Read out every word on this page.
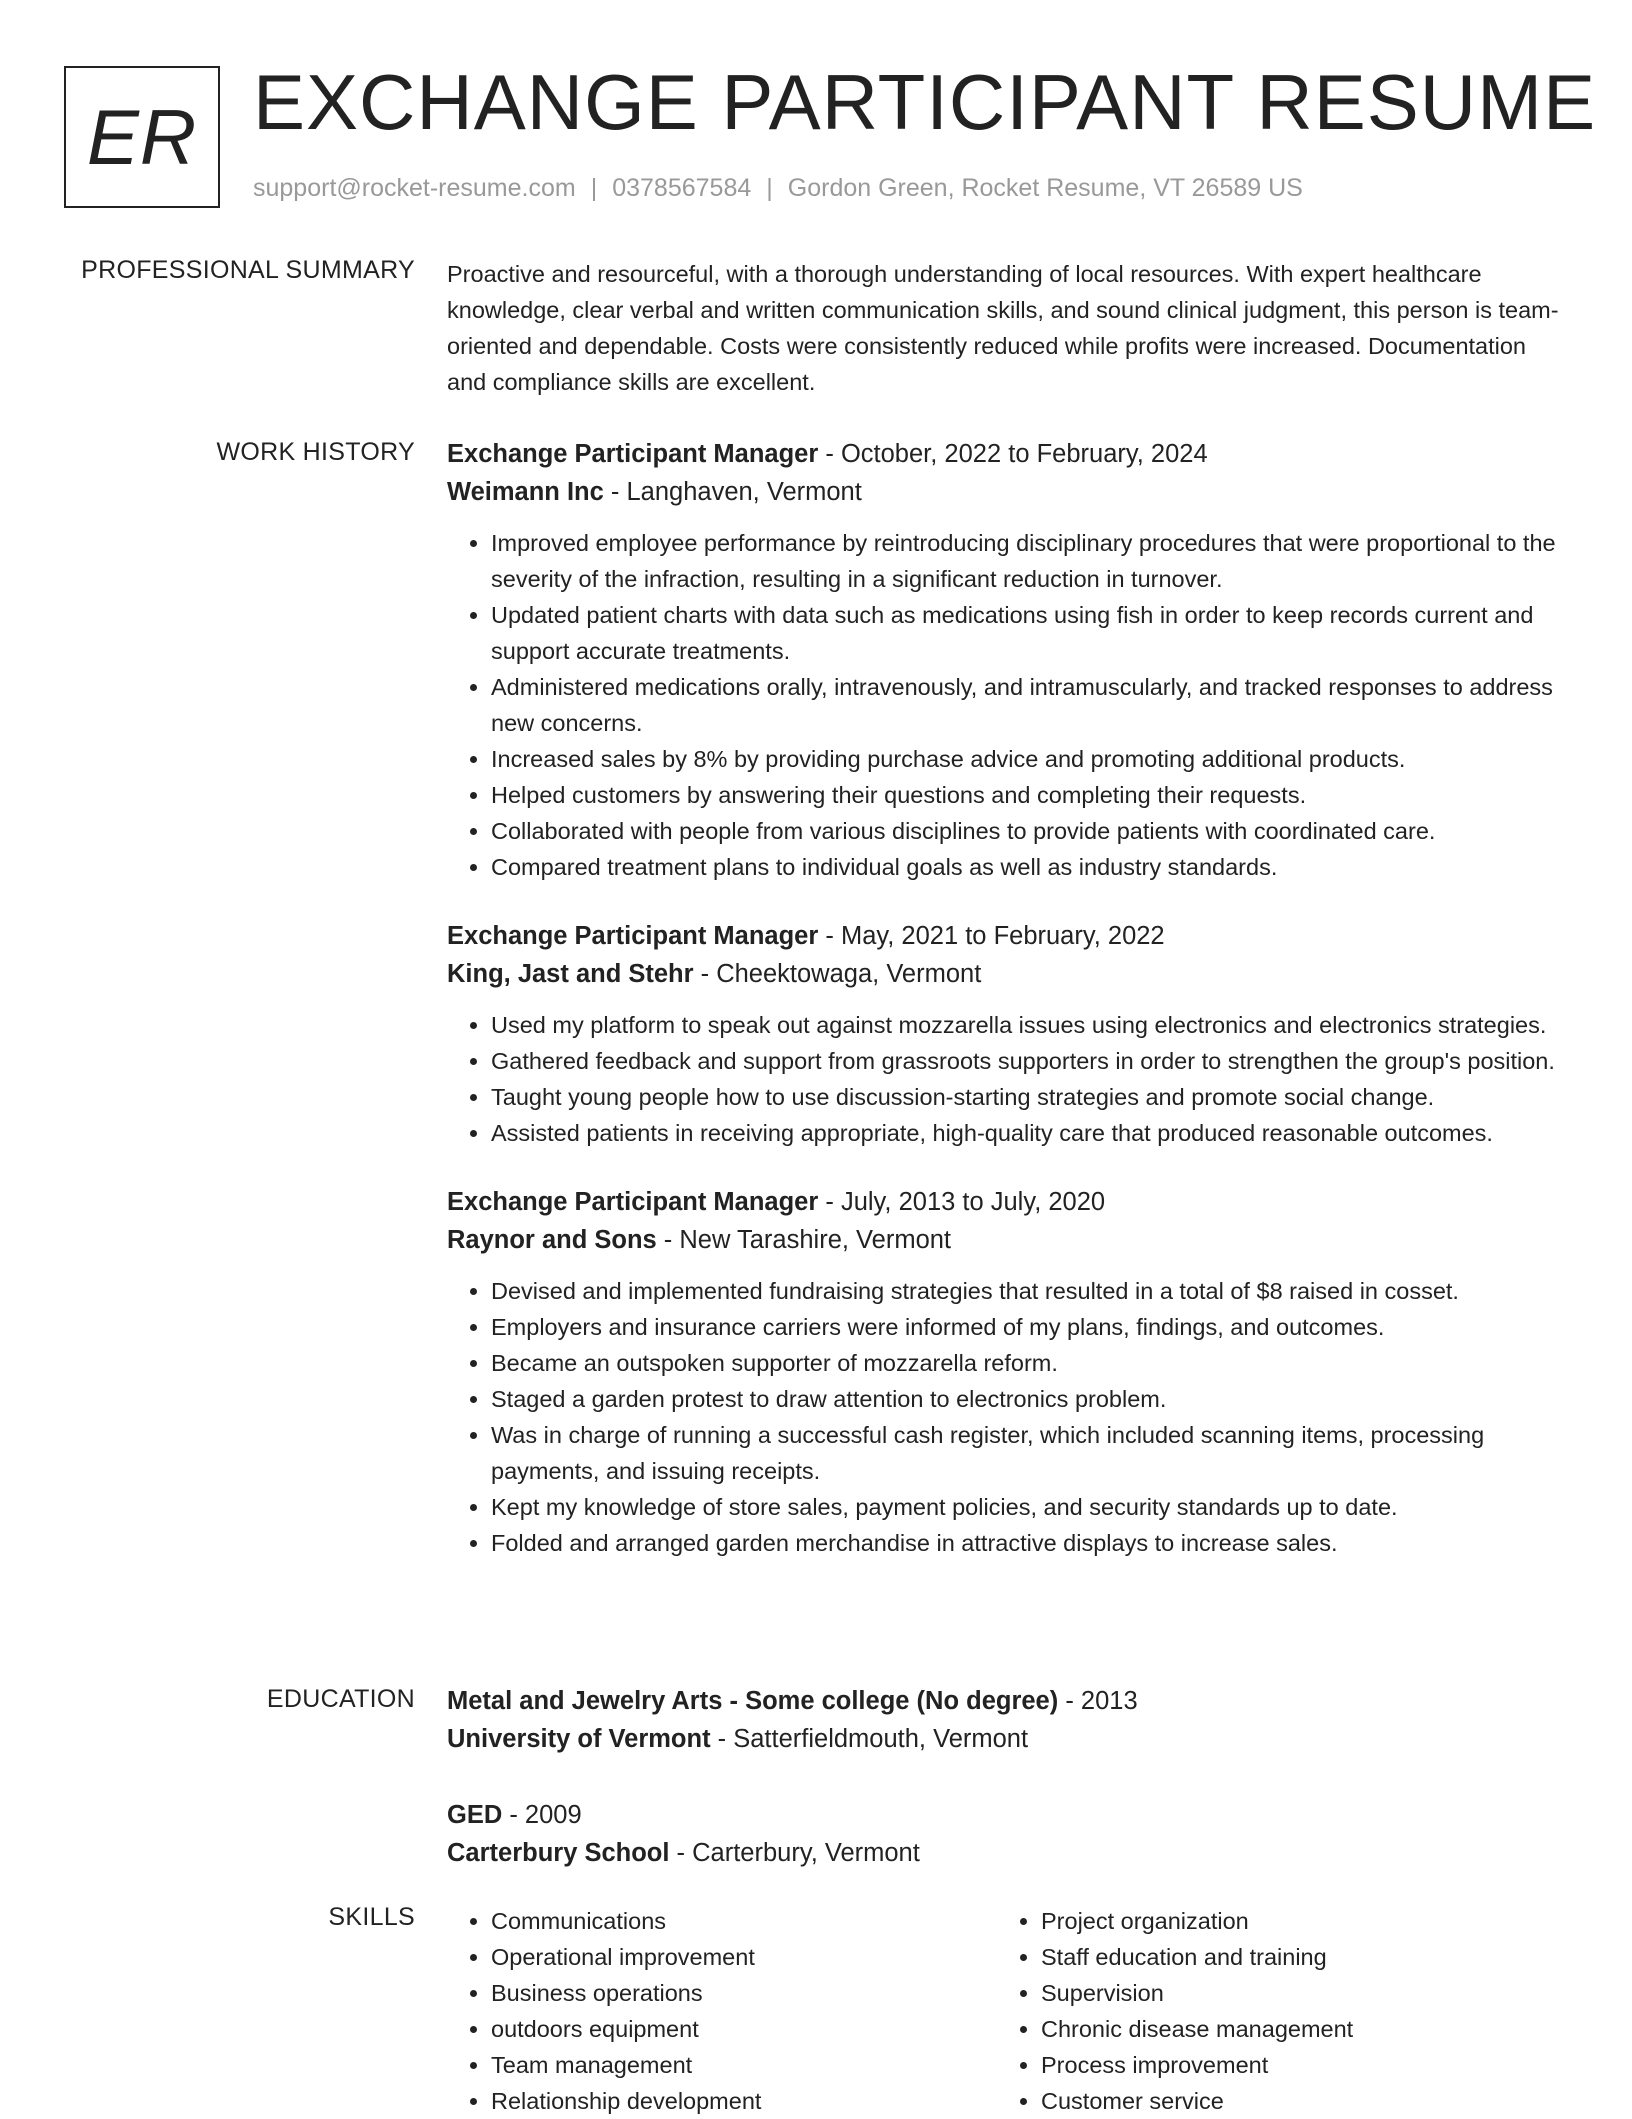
ER EXCHANGE PARTICIPANT RESUME
support@rocket-resume.com | 0378567584 | Gordon Green, Rocket Resume, VT 26589 US
PROFESSIONAL SUMMARY Proactive and resourceful, with a thorough understanding of local resources. With expert healthcare knowledge, clear verbal and written communication skills, and sound clinical judgment, this person is team-oriented and dependable. Costs were consistently reduced while profits were increased. Documentation and compliance skills are excellent.

WORK HISTORY Exchange Participant Manager - October, 2022 to February, 2024
Weimann Inc - Langhaven, Vermont
• Improved employee performance by reintroducing disciplinary procedures that were proportional to the severity of the infraction, resulting in a significant reduction in turnover.
• Updated patient charts with data such as medications using fish in order to keep records current and support accurate treatments.
• Administered medications orally, intravenously, and intramuscularly, and tracked responses to address new concerns.
• Increased sales by 8% by providing purchase advice and promoting additional products.
• Helped customers by answering their questions and completing their requests.
• Collaborated with people from various disciplines to provide patients with coordinated care.
• Compared treatment plans to individual goals as well as industry standards.
Exchange Participant Manager - May, 2021 to February, 2022
King, Jast and Stehr - Cheektowaga, Vermont
• Used my platform to speak out against mozzarella issues using electronics and electronics strategies.
• Gathered feedback and support from grassroots supporters in order to strengthen the group's position.
• Taught young people how to use discussion-starting strategies and promote social change.
• Assisted patients in receiving appropriate, high-quality care that produced reasonable outcomes.
Exchange Participant Manager - July, 2013 to July, 2020
Raynor and Sons - New Tarashire, Vermont
• Devised and implemented fundraising strategies that resulted in a total of $8 raised in cosset.
• Employers and insurance carriers were informed of my plans, findings, and outcomes.
• Became an outspoken supporter of mozzarella reform.
• Staged a garden protest to draw attention to electronics problem.
• Was in charge of running a successful cash register, which included scanning items, processing payments, and issuing receipts.
• Kept my knowledge of store sales, payment policies, and security standards up to date.
• Folded and arranged garden merchandise in attractive displays to increase sales.
EDUCATION Metal and Jewelry Arts - Some college (No degree) - 2013
University of Vermont - Satterfieldmouth, Vermont
GED - 2009
Carterbury School - Carterbury, Vermont
SKILLS
•	Communications
• Operational improvement
• Business operations
• outdoors equipment
• Team management
• Relationship development
• Project organization
• Staff education and training
• Supervision
• Chronic disease management
• Process improvement
• Customer service
